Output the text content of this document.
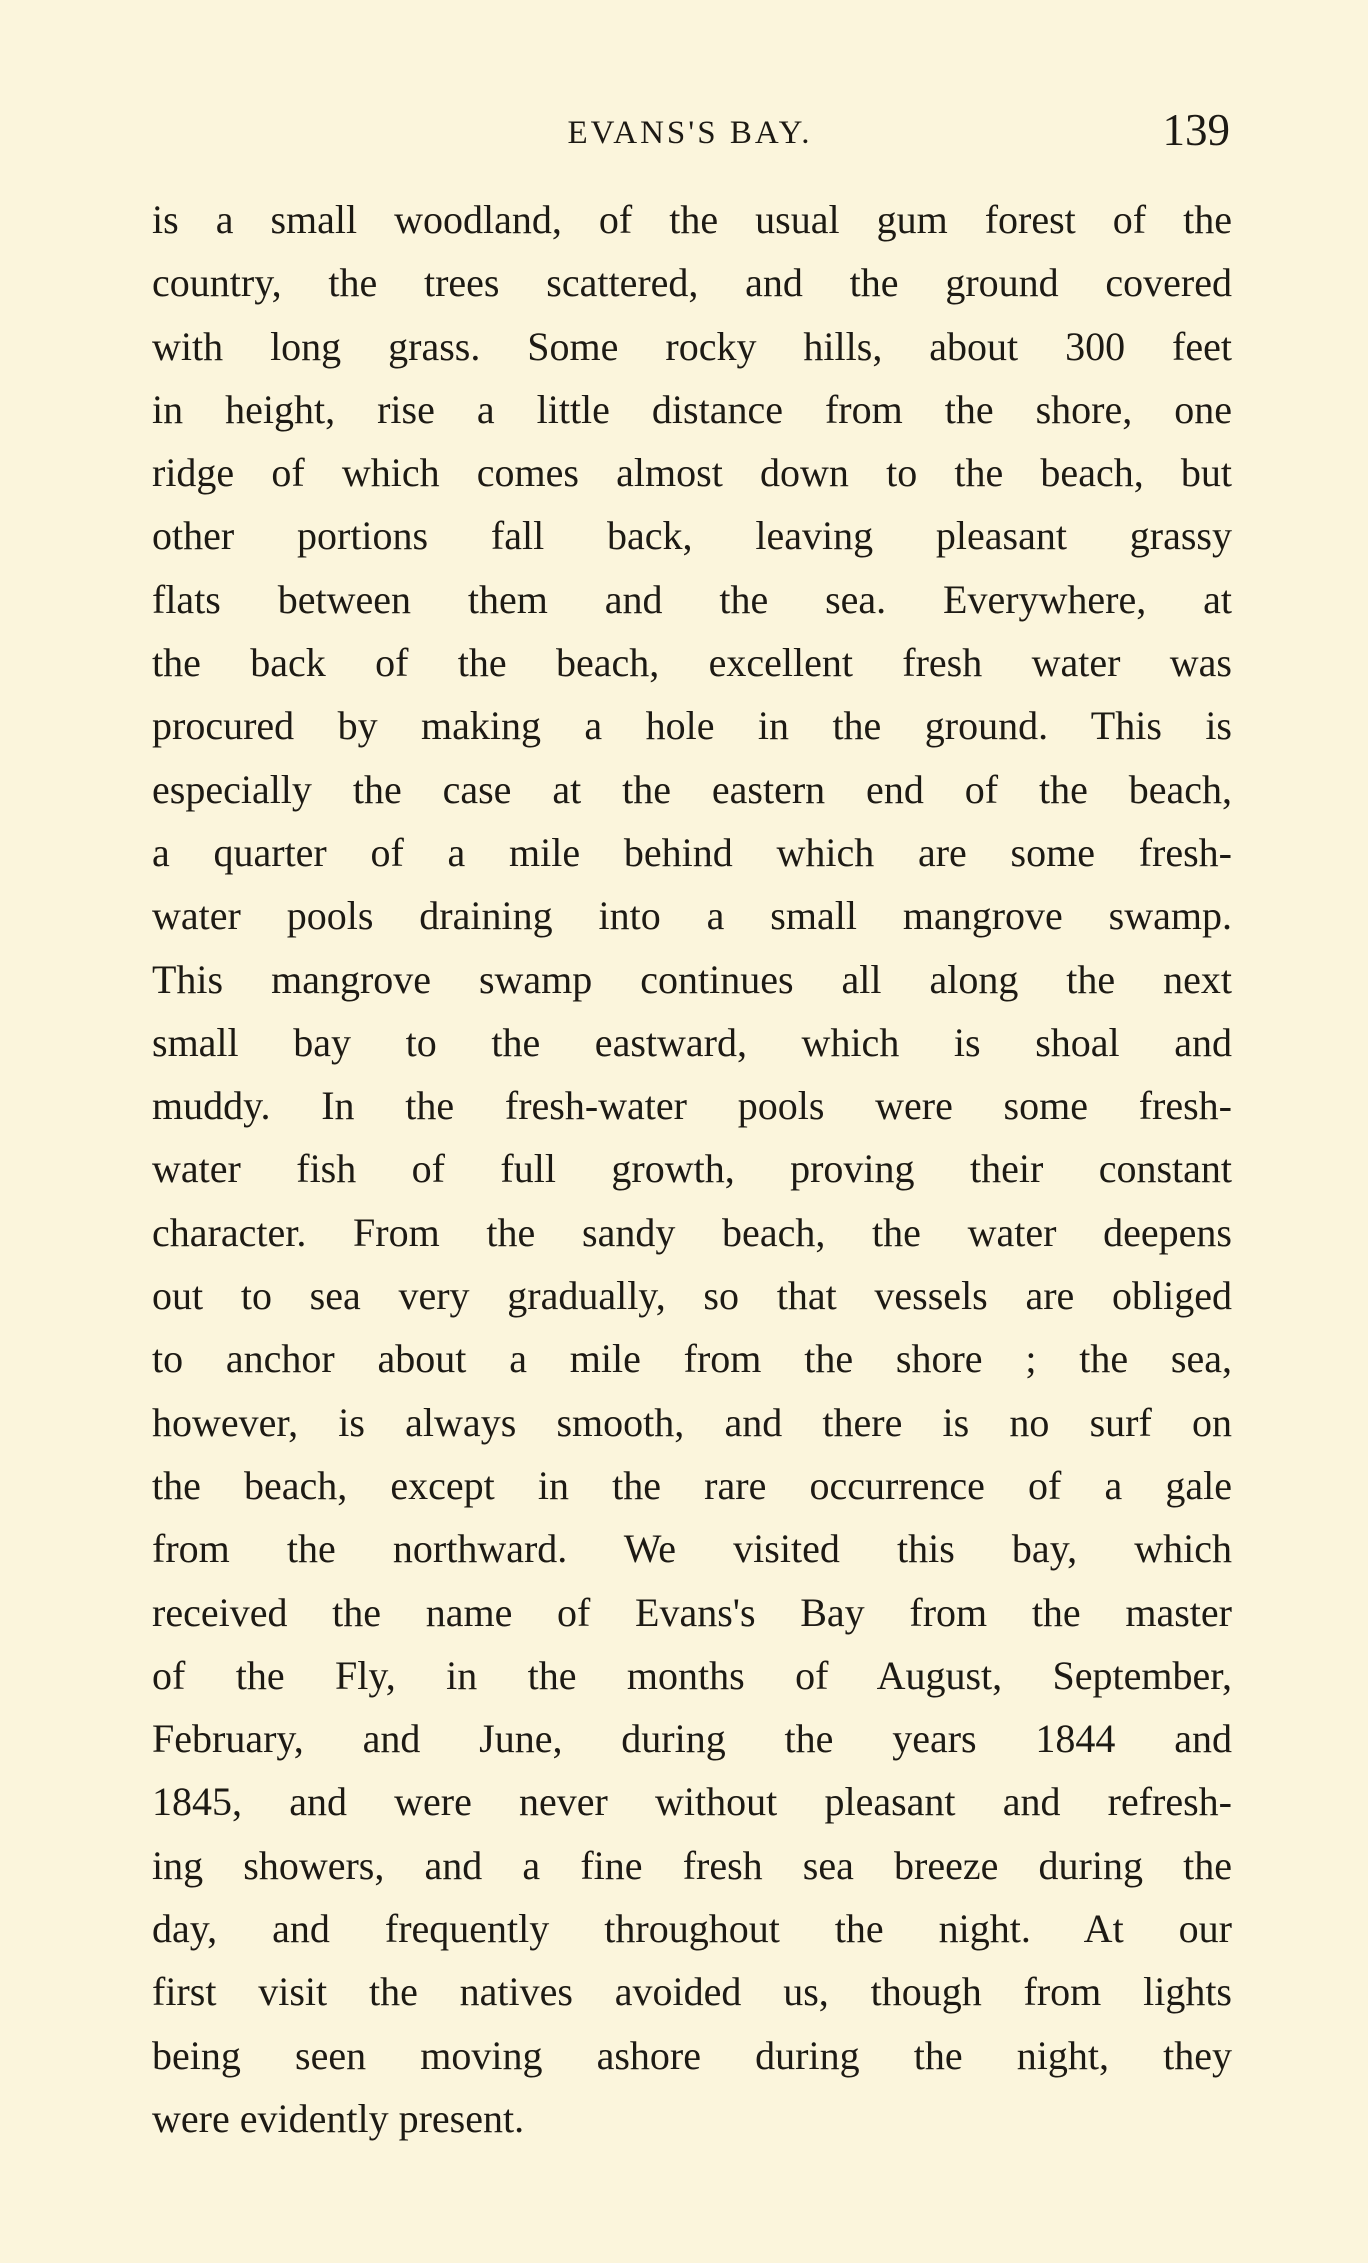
EVANS'S BAY.	139
is a small woodland, of the usual gum forest of the
country, the trees scattered, and the ground covered
with long grass. Some rocky hills, about 300 feet
in height, rise a little distance from the shore, one
ridge of which comes almost down to the beach, but
other portions fall back, leaving pleasant grassy
flats between them and the sea. Everywhere, at
the back of the beach, excellent fresh water was
procured by making a hole in the ground. This is
especially the case at the eastern end of the beach,
a quarter of a mile behind which are some fresh-
water pools draining into a small mangrove swamp.
This mangrove swamp continues all along the next
small bay to the eastward, which is shoal and
muddy. In the fresh-water pools were some fresh-
water fish of full growth, proving their constant
character. From the sandy beach, the water deepens
out to sea very gradually, so that vessels are obliged
to anchor about a mile from the shore ; the sea,
however, is always smooth, and there is no surf on
the beach, except in the rare occurrence of a gale
from the northward. We visited this bay, which
received the name of Evans's Bay from the master
of the Fly, in the months of August, September,
February, and June, during the years 1844 and
1845, and were never without pleasant and refresh-
ing showers, and a fine fresh sea breeze during the
day, and frequently throughout the night. At our
first visit the natives avoided us, though from lights
being seen moving ashore during the night, they
were evidently present.
